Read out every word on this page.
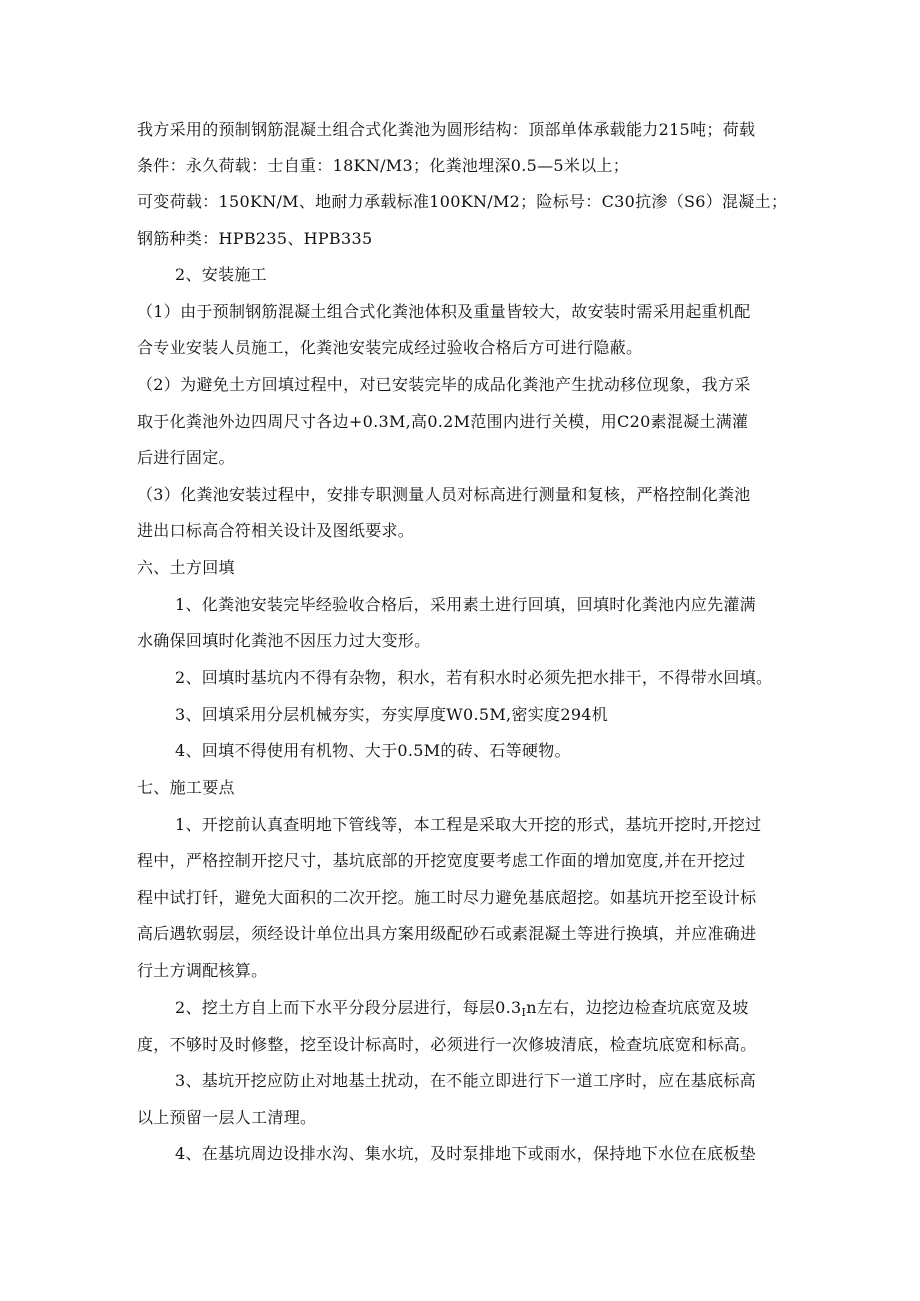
我方采用的预制钢筋混凝土组合式化粪池为圆形结构：顶部单体承载能力215吨；荷载
条件：永久荷载：士自重：18KN/M3；化粪池埋深0.5—5米以上；
可变荷载：150KN/M、地耐力承载标准100KN/M2；险标号：C30抗渗（S6）混凝土；
钢筋种类：HPB235、HPB335
2、安装施工
（1）由于预制钢筋混凝土组合式化粪池体积及重量皆较大，故安装时需采用起重机配
合专业安装人员施工，化粪池安装完成经过验收合格后方可进行隐蔽。
（2）为避免土方回填过程中，对已安装完毕的成品化粪池产生扰动移位现象，我方采
取于化粪池外边四周尺寸各边+0.3M,高0.2M范围内进行关模，用C20素混凝土满灌
后进行固定。
（3）化粪池安装过程中，安排专职测量人员对标高进行测量和复核，严格控制化粪池
进出口标高合符相关设计及图纸要求。
六、土方回填
1、化粪池安装完毕经验收合格后，采用素土进行回填，回填时化粪池内应先灌满
水确保回填时化粪池不因压力过大变形。
2、回填时基坑内不得有杂物，积水，若有积水时必须先把水排干，不得带水回填。
3、回填采用分层机械夯实，夯实厚度W0.5M,密实度294机
4、回填不得使用有机物、大于0.5M的砖、石等硬物。
七、施工要点
1、开挖前认真查明地下管线等，本工程是采取大开挖的形式，基坑开挖时,开挖过
程中，严格控制开挖尺寸，基坑底部的开挖宽度要考虑工作面的增加宽度,并在开挖过
程中试打钎，避免大面积的二次开挖。施工时尽力避免基底超挖。如基坑开挖至设计标
高后遇软弱层，须经设计单位出具方案用级配砂石或素混凝土等进行换填，并应准确进
行土方调配核算。
2、挖土方自上而下水平分段分层进行，每层0.3In左右，边挖边检查坑底宽及坡
度，不够时及时修整，挖至设计标高时，必须进行一次修坡清底，检查坑底宽和标高。
3、基坑开挖应防止对地基土扰动，在不能立即进行下一道工序时，应在基底标高
以上预留一层人工清理。
4、在基坑周边设排水沟、集水坑，及时泵排地下或雨水，保持地下水位在底板垫
